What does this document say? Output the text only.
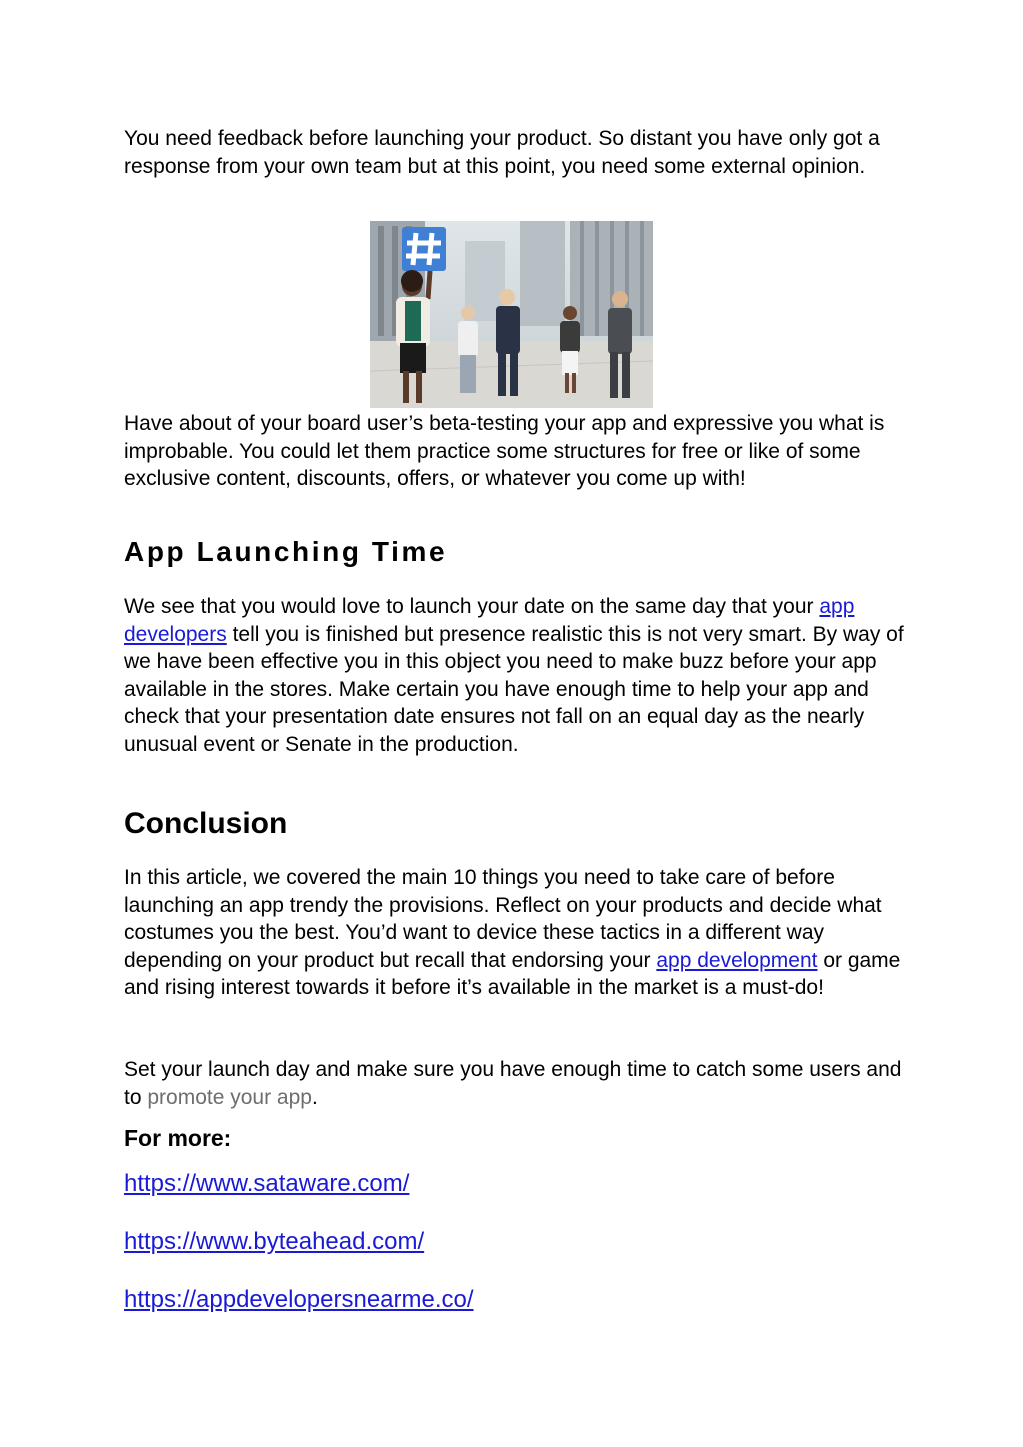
You need feedback before launching your product. So distant you have only got a response from your own team but at this point, you need some external opinion.

Have about of your board user’s beta-testing your app and expressive you what is improbable. You could let them practice some structures for free or like of some exclusive content, discounts, offers, or whatever you come up with!

App Launching Time

We see that you would love to launch your date on the same day that your app developers tell you is finished but presence realistic this is not very smart. By way of we have been effective you in this object you need to make buzz before your app available in the stores. Make certain you have enough time to help your app and check that your presentation date ensures not fall on an equal day as the nearly unusual event or Senate in the production.

Conclusion

In this article, we covered the main 10 things you need to take care of before launching an app trendy the provisions. Reflect on your products and decide what costumes you the best. You’d want to device these tactics in a different way depending on your product but recall that endorsing your app development or game and rising interest towards it before it’s available in the market is a must-do!

Set your launch day and make sure you have enough time to catch some users and to promote your app.

For more:
https://www.sataware.com/
https://www.byteahead.com/
https://appdevelopersnearme.co/
